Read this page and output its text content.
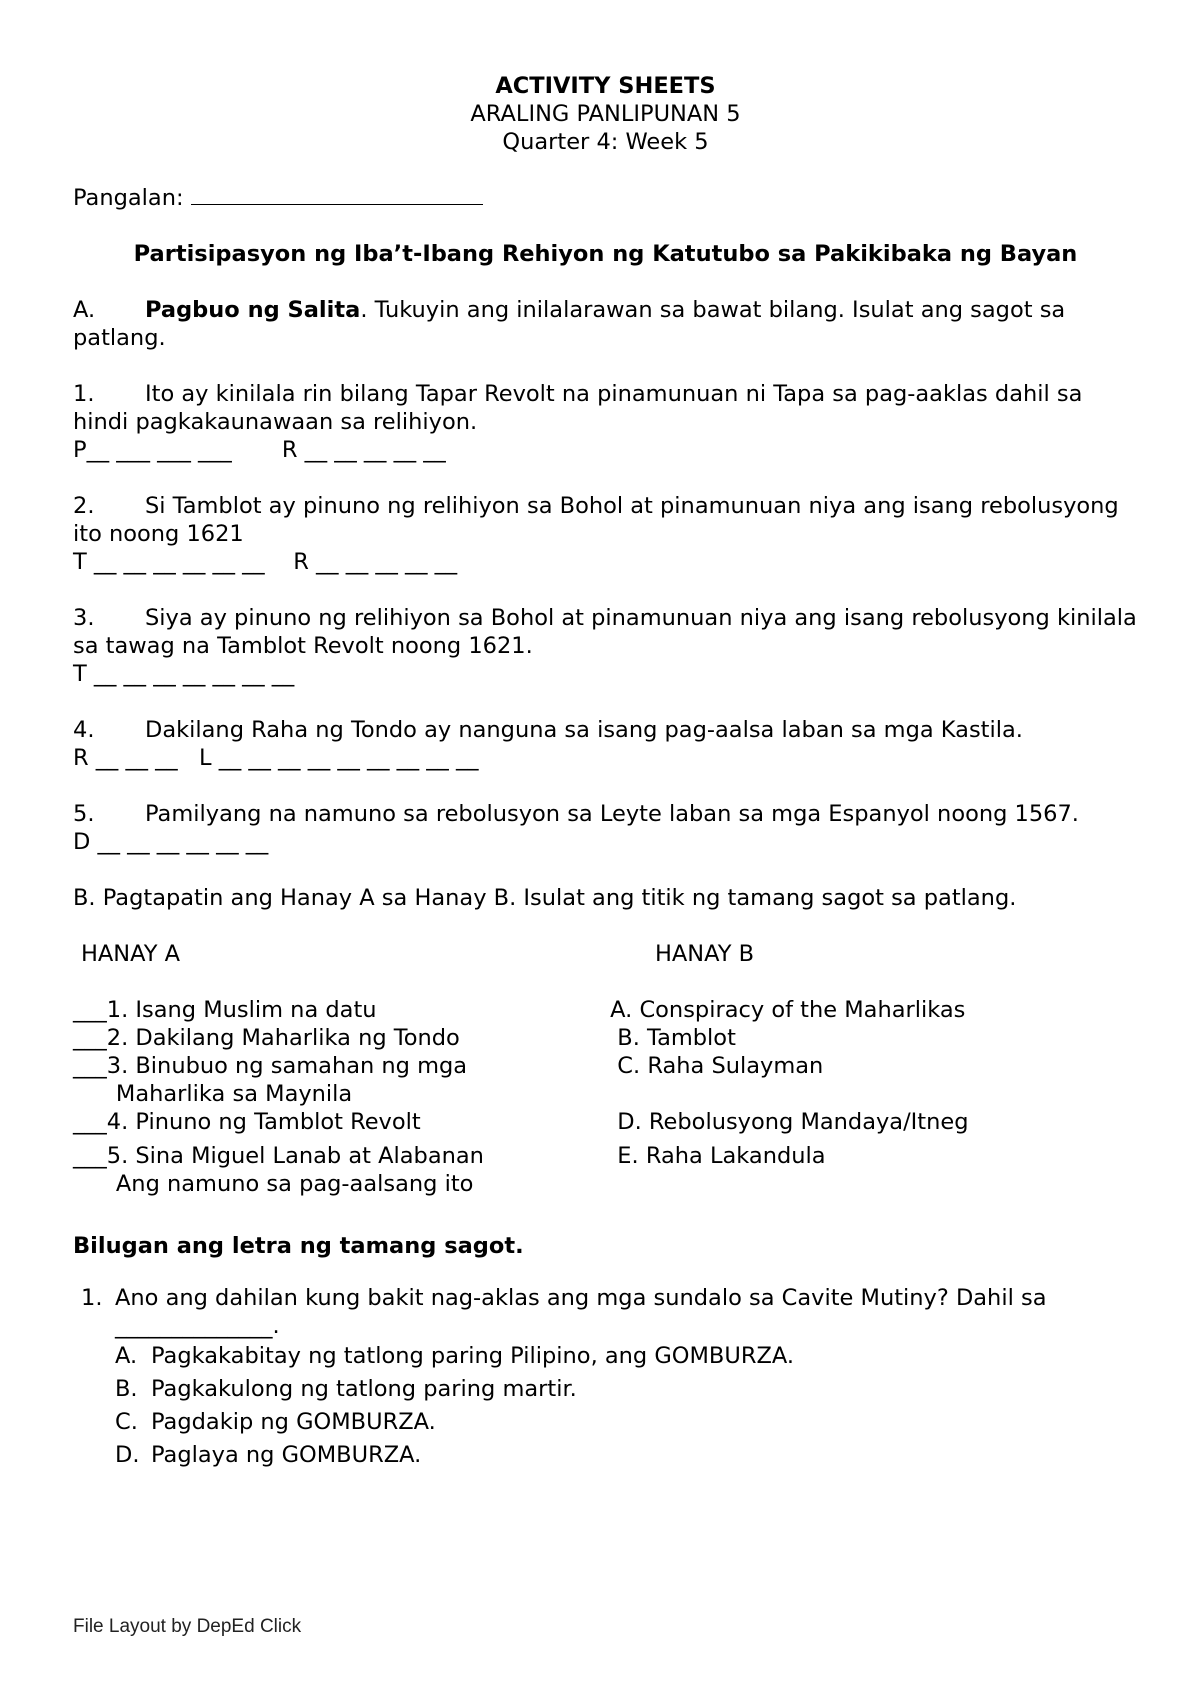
ACTIVITY SHEETS
ARALING PANLIPUNAN 5
Quarter 4: Week 5
Pangalan:
Partisipasyon ng Iba’t-Ibang Rehiyon ng Katutubo sa Pakikibaka ng Bayan

A. Pagbuo ng Salita. Tukuyin ang inilalarawan sa bawat bilang. Isulat ang sagot sa patlang.

1. Ito ay kinilala rin bilang Tapar Revolt na pinamunuan ni Tapa sa pag-aaklas dahil sa hindi pagkakaunawaan sa relihiyon.

P__ ___ ___ ___       R __ __ __ __ __

2. Si Tamblot ay pinuno ng relihiyon sa Bohol at pinamunuan niya ang isang rebolusyong ito noong 1621

T __ __ __ __ __ __    R __ __ __ __ __

3. Siya ay pinuno ng relihiyon sa Bohol at pinamunuan niya ang isang rebolusyong kinilala sa tawag na Tamblot Revolt noong 1621.

T __ __ __ __ __ __ __

4. Dakilang Raha ng Tondo ay nanguna sa isang pag-aalsa laban sa mga Kastila.

R __ __ __   L __ __ __ __ __ __ __ __ __

5. Pamilyang na namuno sa rebolusyon sa Leyte laban sa mga Espanyol noong 1567.

D __ __ __ __ __ __

B. Pagtapatin ang Hanay A sa Hanay B. Isulat ang titik ng tamang sagot sa patlang.

HANAY A	HANAY B
___1. Isang Muslim na datu	A. Conspiracy of the Maharlikas
___2. Dakilang Maharlika ng Tondo	B. Tamblot
___3. Binubuo ng samahan ng mga	C. Raha Sulayman
Maharlika sa Maynila
___4. Pinuno ng Tamblot Revolt	D. Rebolusyong Mandaya/Itneg
___5. Sina Miguel Lanab at Alabanan	E. Raha Lakandula
Ang namuno sa pag-aalsang ito

Bilugan ang letra ng tamang sagot.

1. Ano ang dahilan kung bakit nag-aklas ang mga sundalo sa Cavite Mutiny? Dahil sa
______________.
A. Pagkakabitay ng tatlong paring Pilipino, ang GOMBURZA.
B. Pagkakulong ng tatlong paring martir.
C. Pagdakip ng GOMBURZA.
D. Paglaya ng GOMBURZA.
File Layout by DepEd Click
